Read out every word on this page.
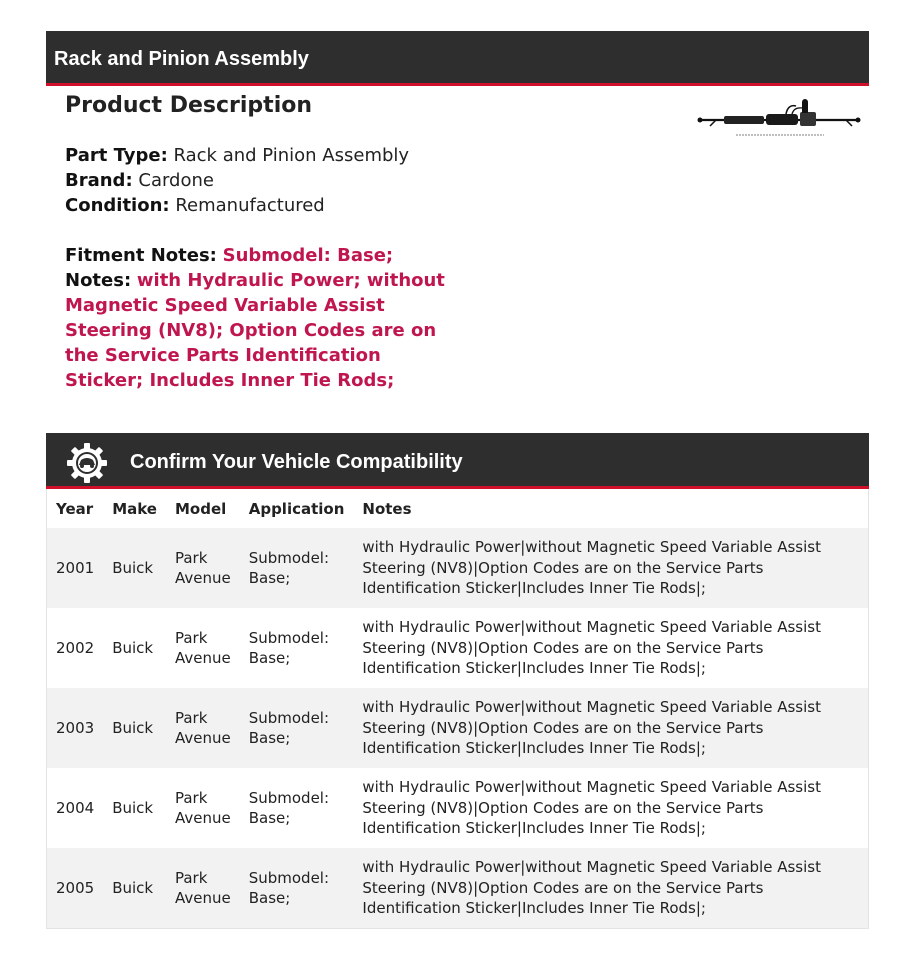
Rack and Pinion Assembly
Product Description
Part Type: Rack and Pinion Assembly
Brand: Cardone
Condition: Remanufactured
Fitment Notes: Submodel: Base;
Notes: with Hydraulic Power; without Magnetic Speed Variable Assist Steering (NV8); Option Codes are on the Service Parts Identification Sticker; Includes Inner Tie Rods;
Confirm Your Vehicle Compatibility
Year	Make	Model	Application	Notes
2001	Buick	Park Avenue	Submodel: Base;	with Hydraulic Power|without Magnetic Speed Variable Assist Steering (NV8)|Option Codes are on the Service Parts Identification Sticker|Includes Inner Tie Rods|;
2002	Buick	Park Avenue	Submodel: Base;	with Hydraulic Power|without Magnetic Speed Variable Assist Steering (NV8)|Option Codes are on the Service Parts Identification Sticker|Includes Inner Tie Rods|;
2003	Buick	Park Avenue	Submodel: Base;	with Hydraulic Power|without Magnetic Speed Variable Assist Steering (NV8)|Option Codes are on the Service Parts Identification Sticker|Includes Inner Tie Rods|;
2004	Buick	Park Avenue	Submodel: Base;	with Hydraulic Power|without Magnetic Speed Variable Assist Steering (NV8)|Option Codes are on the Service Parts Identification Sticker|Includes Inner Tie Rods|;
2005	Buick	Park Avenue	Submodel: Base;	with Hydraulic Power|without Magnetic Speed Variable Assist Steering (NV8)|Option Codes are on the Service Parts Identification Sticker|Includes Inner Tie Rods|;
